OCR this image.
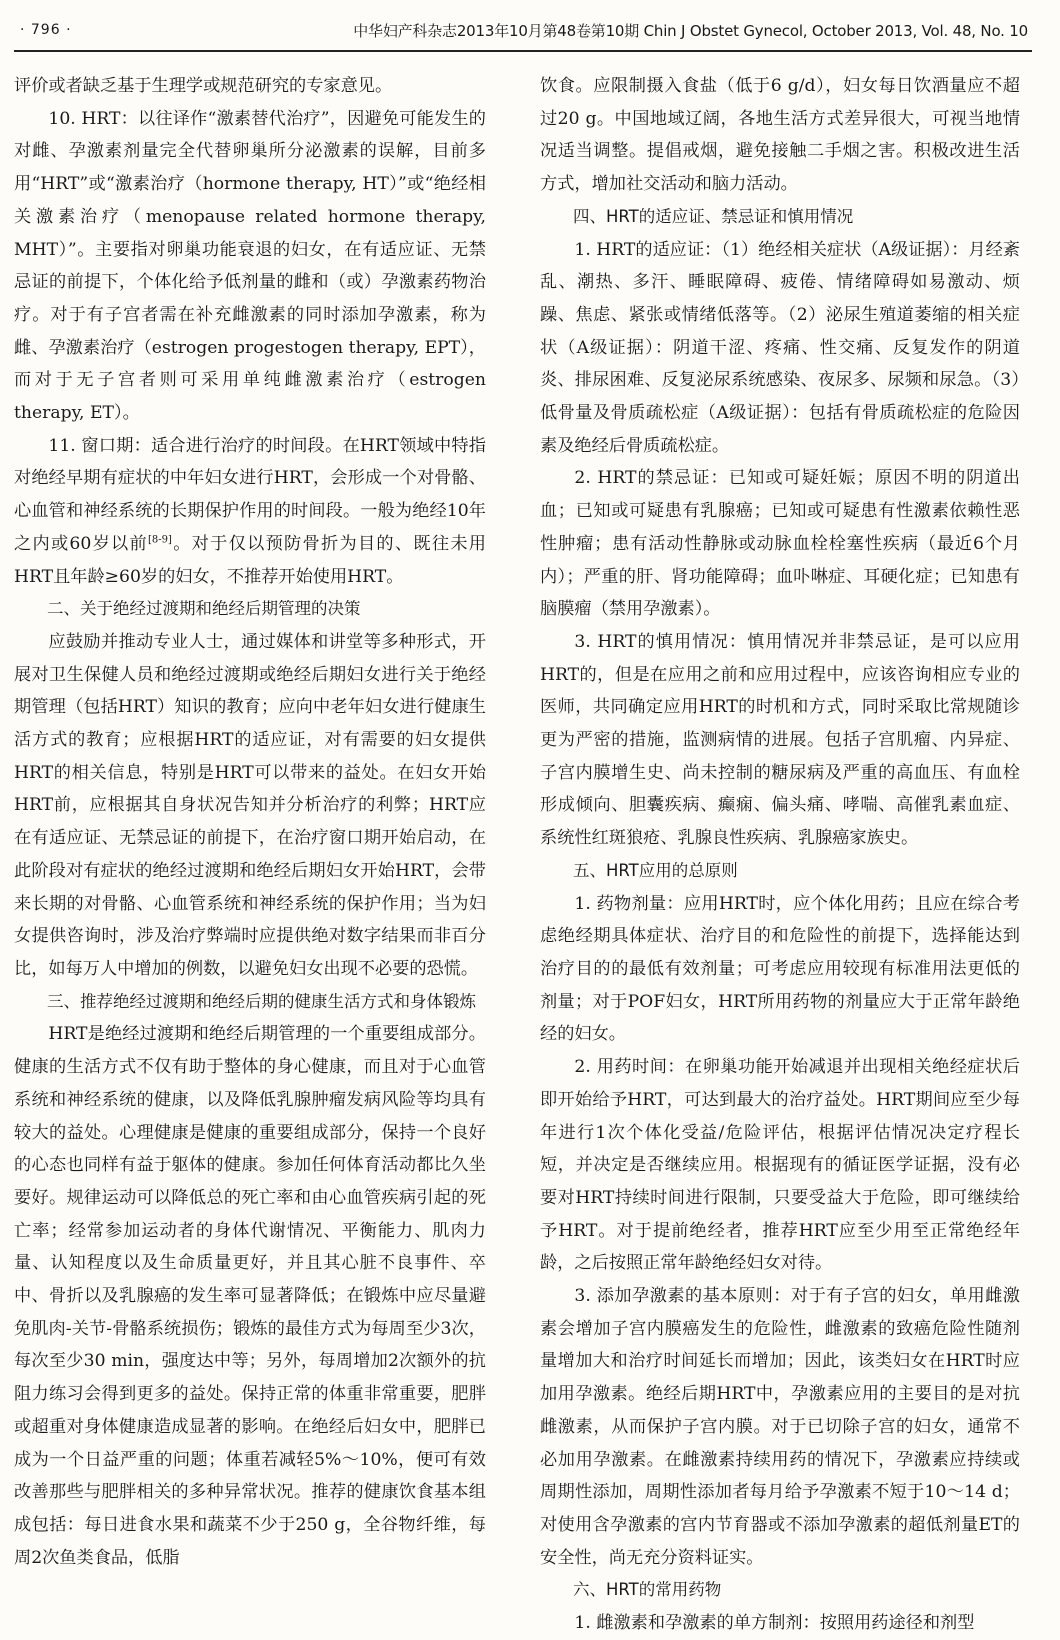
· 796 ·	中华妇产科杂志2013年10月第48卷第10期 Chin J Obstet Gynecol, October 2013, Vol. 48, No. 10

评价或者缺乏基于生理学或规范研究的专家意见。

10. HRT：以往译作“激素替代治疗”，因避免可能发生的对雌、孕激素剂量完全代替卵巢所分泌激素的误解，目前多用“HRT”或“激素治疗（hormone therapy, HT）”或“绝经相关激素治疗（menopause related hormone therapy, MHT）”。主要指对卵巢功能衰退的妇女，在有适应证、无禁忌证的前提下，个体化给予低剂量的雌和（或）孕激素药物治疗。对于有子宫者需在补充雌激素的同时添加孕激素，称为雌、孕激素治疗（estrogen progestogen therapy, EPT），而对于无子宫者则可采用单纯雌激素治疗（estrogen therapy, ET）。

11. 窗口期：适合进行治疗的时间段。在HRT领域中特指对绝经早期有症状的中年妇女进行HRT，会形成一个对骨骼、心血管和神经系统的长期保护作用的时间段。一般为绝经10年之内或60岁以前[8-9]。对于仅以预防骨折为目的、既往未用HRT且年龄≥60岁的妇女，不推荐开始使用HRT。

二、关于绝经过渡期和绝经后期管理的决策

应鼓励并推动专业人士，通过媒体和讲堂等多种形式，开展对卫生保健人员和绝经过渡期或绝经后期妇女进行关于绝经期管理（包括HRT）知识的教育；应向中老年妇女进行健康生活方式的教育；应根据HRT的适应证，对有需要的妇女提供HRT的相关信息，特别是HRT可以带来的益处。在妇女开始HRT前，应根据其自身状况告知并分析治疗的利弊；HRT应在有适应证、无禁忌证的前提下，在治疗窗口期开始启动，在此阶段对有症状的绝经过渡期和绝经后期妇女开始HRT，会带来长期的对骨骼、心血管系统和神经系统的保护作用；当为妇女提供咨询时，涉及治疗弊端时应提供绝对数字结果而非百分比，如每万人中增加的例数，以避免妇女出现不必要的恐慌。

三、推荐绝经过渡期和绝经后期的健康生活方式和身体锻炼

HRT是绝经过渡期和绝经后期管理的一个重要组成部分。健康的生活方式不仅有助于整体的身心健康，而且对于心血管系统和神经系统的健康，以及降低乳腺肿瘤发病风险等均具有较大的益处。心理健康是健康的重要组成部分，保持一个良好的心态也同样有益于躯体的健康。参加任何体育活动都比久坐要好。规律运动可以降低总的死亡率和由心血管疾病引起的死亡率；经常参加运动者的身体代谢情况、平衡能力、肌肉力量、认知程度以及生命质量更好，并且其心脏不良事件、卒中、骨折以及乳腺癌的发生率可显著降低；在锻炼中应尽量避免肌肉-关节-骨骼系统损伤；锻炼的最佳方式为每周至少3次，每次至少30 min，强度达中等；另外，每周增加2次额外的抗阻力练习会得到更多的益处。保持正常的体重非常重要，肥胖或超重对身体健康造成显著的影响。在绝经后妇女中，肥胖已成为一个日益严重的问题；体重若减轻5%～10%，便可有效改善那些与肥胖相关的多种异常状况。推荐的健康饮食基本组成包括：每日进食水果和蔬菜不少于250 g，全谷物纤维，每周2次鱼类食品，低脂

饮食。应限制摄入食盐（低于6 g/d），妇女每日饮酒量应不超过20 g。中国地域辽阔，各地生活方式差异很大，可视当地情况适当调整。提倡戒烟，避免接触二手烟之害。积极改进生活方式，增加社交活动和脑力活动。

四、HRT的适应证、禁忌证和慎用情况

1. HRT的适应证：（1）绝经相关症状（A级证据）：月经紊乱、潮热、多汗、睡眠障碍、疲倦、情绪障碍如易激动、烦躁、焦虑、紧张或情绪低落等。（2）泌尿生殖道萎缩的相关症状（A级证据）：阴道干涩、疼痛、性交痛、反复发作的阴道炎、排尿困难、反复泌尿系统感染、夜尿多、尿频和尿急。（3）低骨量及骨质疏松症（A级证据）：包括有骨质疏松症的危险因素及绝经后骨质疏松症。

2. HRT的禁忌证：已知或可疑妊娠；原因不明的阴道出血；已知或可疑患有乳腺癌；已知或可疑患有性激素依赖性恶性肿瘤；患有活动性静脉或动脉血栓栓塞性疾病（最近6个月内）；严重的肝、肾功能障碍；血卟啉症、耳硬化症；已知患有脑膜瘤（禁用孕激素）。

3. HRT的慎用情况：慎用情况并非禁忌证，是可以应用HRT的，但是在应用之前和应用过程中，应该咨询相应专业的医师，共同确定应用HRT的时机和方式，同时采取比常规随诊更为严密的措施，监测病情的进展。包括子宫肌瘤、内异症、子宫内膜增生史、尚未控制的糖尿病及严重的高血压、有血栓形成倾向、胆囊疾病、癫痫、偏头痛、哮喘、高催乳素血症、系统性红斑狼疮、乳腺良性疾病、乳腺癌家族史。

五、HRT应用的总原则

1. 药物剂量：应用HRT时，应个体化用药；且应在综合考虑绝经期具体症状、治疗目的和危险性的前提下，选择能达到治疗目的的最低有效剂量；可考虑应用较现有标准用法更低的剂量；对于POF妇女，HRT所用药物的剂量应大于正常年龄绝经的妇女。

2. 用药时间：在卵巢功能开始减退并出现相关绝经症状后即开始给予HRT，可达到最大的治疗益处。HRT期间应至少每年进行1次个体化受益/危险评估，根据评估情况决定疗程长短，并决定是否继续应用。根据现有的循证医学证据，没有必要对HRT持续时间进行限制，只要受益大于危险，即可继续给予HRT。对于提前绝经者，推荐HRT应至少用至正常绝经年龄，之后按照正常年龄绝经妇女对待。

3. 添加孕激素的基本原则：对于有子宫的妇女，单用雌激素会增加子宫内膜癌发生的危险性，雌激素的致癌危险性随剂量增加大和治疗时间延长而增加；因此，该类妇女在HRT时应加用孕激素。绝经后期HRT中，孕激素应用的主要目的是对抗雌激素，从而保护子宫内膜。对于已切除子宫的妇女，通常不必加用孕激素。在雌激素持续用药的情况下，孕激素应持续或周期性添加，周期性添加者每月给予孕激素不短于10～14 d；对使用含孕激素的宫内节育器或不添加孕激素的超低剂量ET的安全性，尚无充分资料证实。

六、HRT的常用药物

1. 雌激素和孕激素的单方制剂：按照用药途径和剂型
